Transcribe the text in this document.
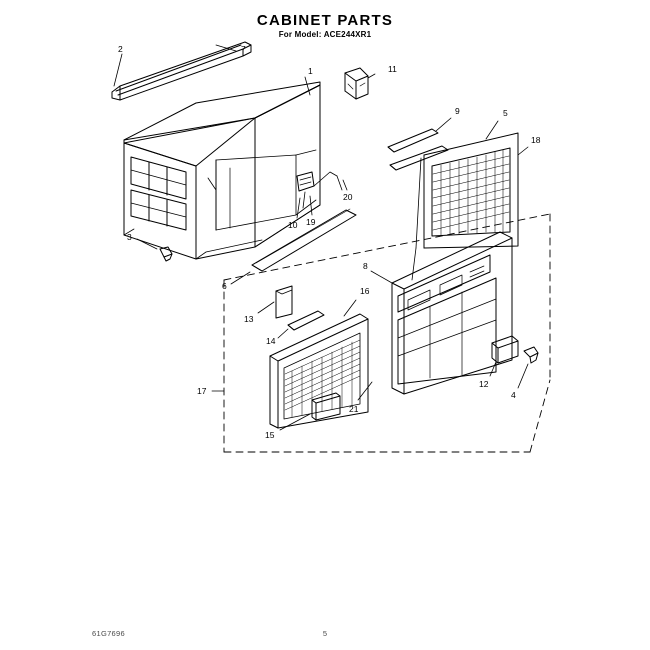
CABINET PARTS
For Model: ACE244XR1
2	7
1	11
9	5
18
20
10 19
3
6
8
13
16
14
12
4
17
21
15
61G7696	5
